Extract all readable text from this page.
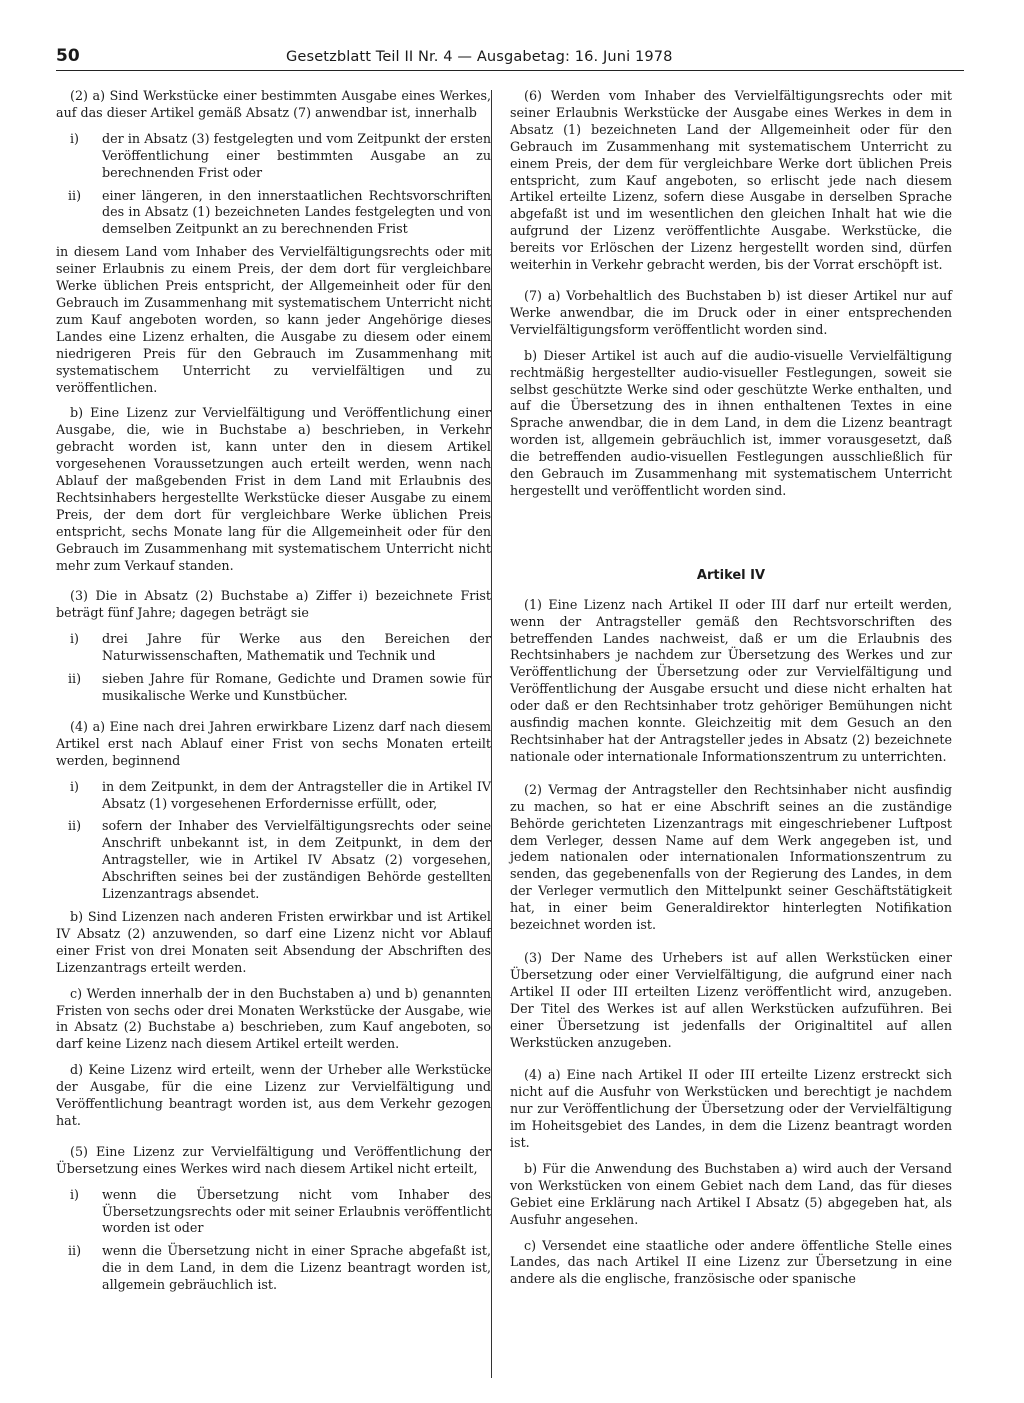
50	Gesetzblatt Teil II Nr. 4 — Ausgabetag: 16. Juni 1978

(2) a) Sind Werkstücke einer bestimmten Ausgabe eines Werkes, auf das dieser Artikel gemäß Absatz (7) anwendbar ist, innerhalb

i) der in Absatz (3) festgelegten und vom Zeitpunkt der ersten Veröffentlichung einer bestimmten Ausgabe an zu berechnenden Frist oder
ii) einer längeren, in den innerstaatlichen Rechtsvorschriften des in Absatz (1) bezeichneten Landes festgelegten und von demselben Zeitpunkt an zu berechnenden Frist

in diesem Land vom Inhaber des Vervielfältigungsrechts oder mit seiner Erlaubnis zu einem Preis, der dem dort für vergleichbare Werke üblichen Preis entspricht, der Allgemeinheit oder für den Gebrauch im Zusammenhang mit systematischem Unterricht nicht zum Kauf angeboten worden, so kann jeder Angehörige dieses Landes eine Lizenz erhalten, die Ausgabe zu diesem oder einem niedrigeren Preis für den Gebrauch im Zusammenhang mit systematischem Unterricht zu vervielfältigen und zu veröffentlichen.

b) Eine Lizenz zur Vervielfältigung und Veröffentlichung einer Ausgabe, die, wie in Buchstabe a) beschrieben, in Verkehr gebracht worden ist, kann unter den in diesem Artikel vorgesehenen Voraussetzungen auch erteilt werden, wenn nach Ablauf der maßgebenden Frist in dem Land mit Erlaubnis des Rechtsinhabers hergestellte Werkstücke dieser Ausgabe zu einem Preis, der dem dort für vergleichbare Werke üblichen Preis entspricht, sechs Monate lang für die Allgemeinheit oder für den Gebrauch im Zusammenhang mit systematischem Unterricht nicht mehr zum Verkauf standen.

(3) Die in Absatz (2) Buchstabe a) Ziffer i) bezeichnete Frist beträgt fünf Jahre; dagegen beträgt sie

i) drei Jahre für Werke aus den Bereichen der Naturwissenschaften, Mathematik und Technik und
ii) sieben Jahre für Romane, Gedichte und Dramen sowie für musikalische Werke und Kunstbücher.

(4) a) Eine nach drei Jahren erwirkbare Lizenz darf nach diesem Artikel erst nach Ablauf einer Frist von sechs Monaten erteilt werden, beginnend

i) in dem Zeitpunkt, in dem der Antragsteller die in Artikel IV Absatz (1) vorgesehenen Erfordernisse erfüllt, oder,
ii) sofern der Inhaber des Vervielfältigungsrechts oder seine Anschrift unbekannt ist, in dem Zeitpunkt, in dem der Antragsteller, wie in Artikel IV Absatz (2) vorgesehen, Abschriften seines bei der zuständigen Behörde gestellten Lizenzantrags absendet.

b) Sind Lizenzen nach anderen Fristen erwirkbar und ist Artikel IV Absatz (2) anzuwenden, so darf eine Lizenz nicht vor Ablauf einer Frist von drei Monaten seit Absendung der Abschriften des Lizenzantrags erteilt werden.

c) Werden innerhalb der in den Buchstaben a) und b) genannten Fristen von sechs oder drei Monaten Werkstücke der Ausgabe, wie in Absatz (2) Buchstabe a) beschrieben, zum Kauf angeboten, so darf keine Lizenz nach diesem Artikel erteilt werden.

d) Keine Lizenz wird erteilt, wenn der Urheber alle Werkstücke der Ausgabe, für die eine Lizenz zur Vervielfältigung und Veröffentlichung beantragt worden ist, aus dem Verkehr gezogen hat.

(5) Eine Lizenz zur Vervielfältigung und Veröffentlichung der Übersetzung eines Werkes wird nach diesem Artikel nicht erteilt,

i) wenn die Übersetzung nicht vom Inhaber des Übersetzungsrechts oder mit seiner Erlaubnis veröffentlicht worden ist oder
ii) wenn die Übersetzung nicht in einer Sprache abgefaßt ist, die in dem Land, in dem die Lizenz beantragt worden ist, allgemein gebräuchlich ist.

(6) Werden vom Inhaber des Vervielfältigungsrechts oder mit seiner Erlaubnis Werkstücke der Ausgabe eines Werkes in dem in Absatz (1) bezeichneten Land der Allgemeinheit oder für den Gebrauch im Zusammenhang mit systematischem Unterricht zu einem Preis, der dem für vergleichbare Werke dort üblichen Preis entspricht, zum Kauf angeboten, so erlischt jede nach diesem Artikel erteilte Lizenz, sofern diese Ausgabe in derselben Sprache abgefaßt ist und im wesentlichen den gleichen Inhalt hat wie die aufgrund der Lizenz veröffentlichte Ausgabe. Werkstücke, die bereits vor Erlöschen der Lizenz hergestellt worden sind, dürfen weiterhin in Verkehr gebracht werden, bis der Vorrat erschöpft ist.

(7) a) Vorbehaltlich des Buchstaben b) ist dieser Artikel nur auf Werke anwendbar, die im Druck oder in einer entsprechenden Vervielfältigungsform veröffentlicht worden sind.

b) Dieser Artikel ist auch auf die audio-visuelle Vervielfältigung rechtmäßig hergestellter audio-visueller Festlegungen, soweit sie selbst geschützte Werke sind oder geschützte Werke enthalten, und auf die Übersetzung des in ihnen enthaltenen Textes in eine Sprache anwendbar, die in dem Land, in dem die Lizenz beantragt worden ist, allgemein gebräuchlich ist, immer vorausgesetzt, daß die betreffenden audio-visuellen Festlegungen ausschließlich für den Gebrauch im Zusammenhang mit systematischem Unterricht hergestellt und veröffentlicht worden sind.

Artikel IV

(1) Eine Lizenz nach Artikel II oder III darf nur erteilt werden, wenn der Antragsteller gemäß den Rechtsvorschriften des betreffenden Landes nachweist, daß er um die Erlaubnis des Rechtsinhabers je nachdem zur Übersetzung des Werkes und zur Veröffentlichung der Übersetzung oder zur Vervielfältigung und Veröffentlichung der Ausgabe ersucht und diese nicht erhalten hat oder daß er den Rechtsinhaber trotz gehöriger Bemühungen nicht ausfindig machen konnte. Gleichzeitig mit dem Gesuch an den Rechtsinhaber hat der Antragsteller jedes in Absatz (2) bezeichnete nationale oder internationale Informationszentrum zu unterrichten.

(2) Vermag der Antragsteller den Rechtsinhaber nicht ausfindig zu machen, so hat er eine Abschrift seines an die zuständige Behörde gerichteten Lizenzantrags mit eingeschriebener Luftpost dem Verleger, dessen Name auf dem Werk angegeben ist, und jedem nationalen oder internationalen Informationszentrum zu senden, das gegebenenfalls von der Regierung des Landes, in dem der Verleger vermutlich den Mittelpunkt seiner Geschäftstätigkeit hat, in einer beim Generaldirektor hinterlegten Notifikation bezeichnet worden ist.

(3) Der Name des Urhebers ist auf allen Werkstücken einer Übersetzung oder einer Vervielfältigung, die aufgrund einer nach Artikel II oder III erteilten Lizenz veröffentlicht wird, anzugeben. Der Titel des Werkes ist auf allen Werkstücken aufzuführen. Bei einer Übersetzung ist jedenfalls der Originaltitel auf allen Werkstücken anzugeben.

(4) a) Eine nach Artikel II oder III erteilte Lizenz erstreckt sich nicht auf die Ausfuhr von Werkstücken und berechtigt je nachdem nur zur Veröffentlichung der Übersetzung oder der Vervielfältigung im Hoheitsgebiet des Landes, in dem die Lizenz beantragt worden ist.

b) Für die Anwendung des Buchstaben a) wird auch der Versand von Werkstücken von einem Gebiet nach dem Land, das für dieses Gebiet eine Erklärung nach Artikel I Absatz (5) abgegeben hat, als Ausfuhr angesehen.

c) Versendet eine staatliche oder andere öffentliche Stelle eines Landes, das nach Artikel II eine Lizenz zur Übersetzung in eine andere als die englische, französische oder spanische
